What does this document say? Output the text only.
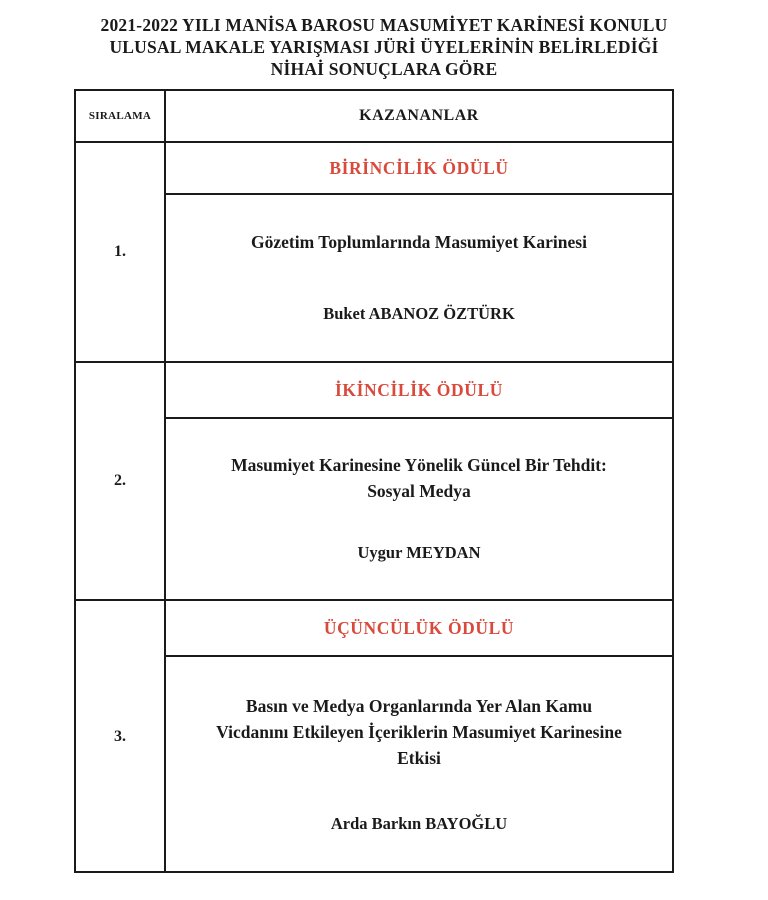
2021-2022 YILI MANİSA BAROSU MASUMİYET KARİNESİ KONULU
ULUSAL MAKALE YARIŞMASI JÜRİ ÜYELERİNİN BELİRLEDİĞİ
NİHAİ SONUÇLARA GÖRE
SIRALAMA	KAZANANLAR
1.
BİRİNCİLİK ÖDÜLÜ
Gözetim Toplumlarında Masumiyet Karinesi
Buket ABANOZ ÖZTÜRK
2.
İKİNCİLİK ÖDÜLÜ
Masumiyet Karinesine Yönelik Güncel Bir Tehdit:
Sosyal Medya
Uygur MEYDAN
3.
ÜÇÜNCÜLÜK ÖDÜLÜ
Basın ve Medya Organlarında Yer Alan Kamu
Vicdanını Etkileyen İçeriklerin Masumiyet Karinesine
Etkisi
Arda Barkın BAYOĞLU
